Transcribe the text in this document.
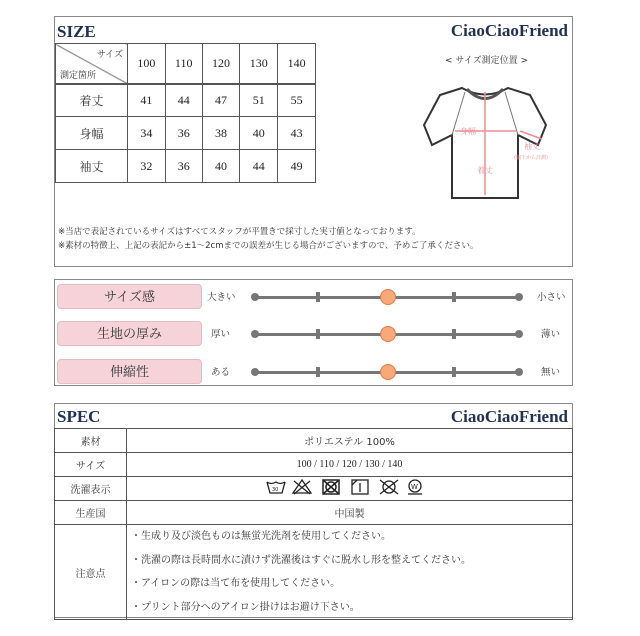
SIZE	CiaoCiaoFriend
サイズ
測定箇所	100	110	120	130	140
着丈	41	44	47	51	55
身幅	34	36	38	40	43
袖丈	32	36	40	44	49
< サイズ測定位置 >
身幅
袖丈
(脇下から計測)
着丈
※当店で表記されているサイズはすべてスタッフが平置きで採寸した実寸値となっております。
※素材の特徴上、上記の表記から±1〜2cmまでの誤差が生じる場合がございますので、予めご了承ください。
サイズ感	大きい	小さい
生地の厚み	厚い	薄い
伸縮性	ある	無い
SPEC	CiaoCiaoFriend
素材	ポリエステル 100%
サイズ	100 / 110 / 120 / 130 / 140
洗濯表示	30 W

生産国	中国製
注意点	・生成り及び淡色ものは無蛍光洗剤を使用してください。
・洗濯の際は長時間水に漬けず洗濯後はすぐに脱水し形を整えてください。
・アイロンの際は当て布を使用してください。
・プリント部分へのアイロン掛けはお避け下さい。
